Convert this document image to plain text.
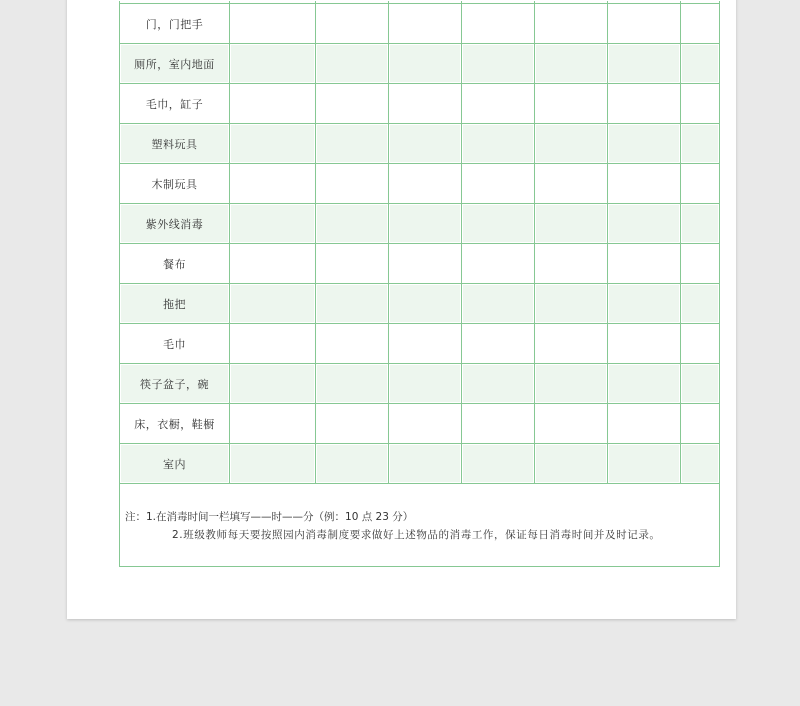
门，门把手							
厕所，室内地面							
毛巾，缸子							
塑料玩具							
木制玩具							
紫外线消毒							
餐布							
拖把							
毛巾							
筷子盆子，碗							
床，衣橱，鞋橱							
室内							

注：1.在消毒时间一栏填写——时——分（例：10 点 23 分）
2.班级教师每天要按照园内消毒制度要求做好上述物品的消毒工作，保证每日消毒时间并及时记录。							
